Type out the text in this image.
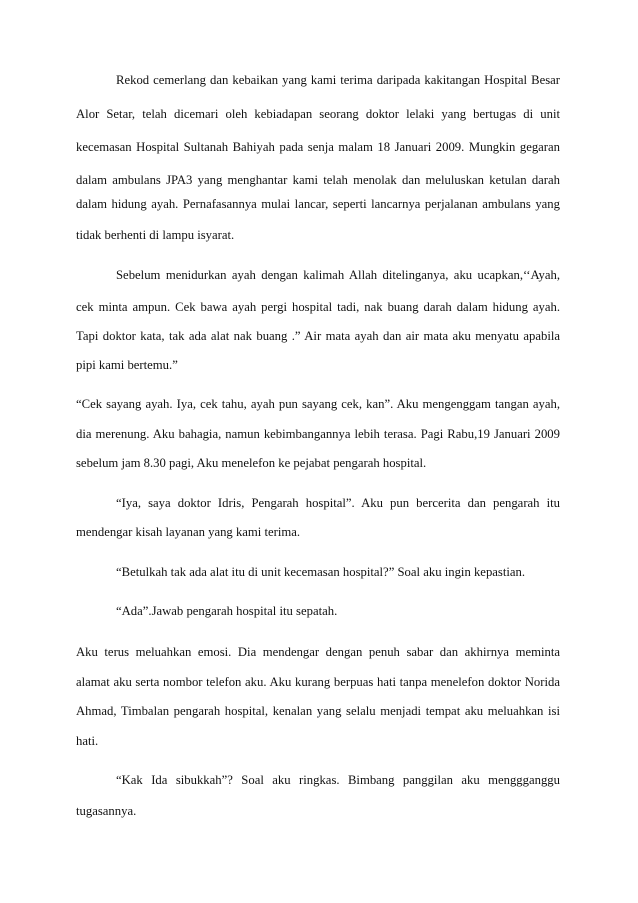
Rekod cemerlang dan kebaikan yang kami terima daripada kakitangan Hospital Besar
Alor Setar, telah dicemari oleh kebiadapan seorang doktor lelaki yang bertugas di unit
kecemasan Hospital Sultanah Bahiyah pada senja malam 18 Januari 2009. Mungkin gegaran
dalam ambulans JPA3 yang menghantar kami telah menolak dan meluluskan ketulan darah
dalam hidung ayah. Pernafasannya mulai lancar, seperti lancarnya perjalanan ambulans yang
tidak berhenti di lampu isyarat.
Sebelum menidurkan ayah dengan kalimah Allah ditelinganya, aku ucapkan,‘‘Ayah,
cek minta ampun. Cek bawa ayah pergi hospital tadi, nak buang darah dalam hidung ayah.
Tapi doktor kata, tak ada alat nak buang .” Air mata ayah dan air mata aku menyatu apabila
pipi kami bertemu.”
“Cek sayang ayah. Iya, cek tahu, ayah pun sayang cek, kan”. Aku mengenggam tangan ayah,
dia merenung. Aku bahagia, namun kebimbangannya lebih terasa. Pagi Rabu,19 Januari 2009
sebelum jam 8.30 pagi, Aku menelefon ke pejabat pengarah hospital.
“Iya, saya doktor Idris, Pengarah hospital”. Aku pun bercerita dan pengarah itu
mendengar kisah layanan yang kami terima.
“Betulkah tak ada alat itu di unit kecemasan hospital?” Soal aku ingin kepastian.
“Ada”.Jawab pengarah hospital itu sepatah.
Aku terus meluahkan emosi. Dia mendengar dengan penuh sabar dan akhirnya meminta
alamat aku serta nombor telefon aku. Aku kurang berpuas hati tanpa menelefon doktor Norida
Ahmad, Timbalan pengarah hospital, kenalan yang selalu menjadi tempat aku meluahkan isi
hati.
“Kak Ida sibukkah”? Soal aku ringkas. Bimbang panggilan aku menggganggu
tugasannya.
